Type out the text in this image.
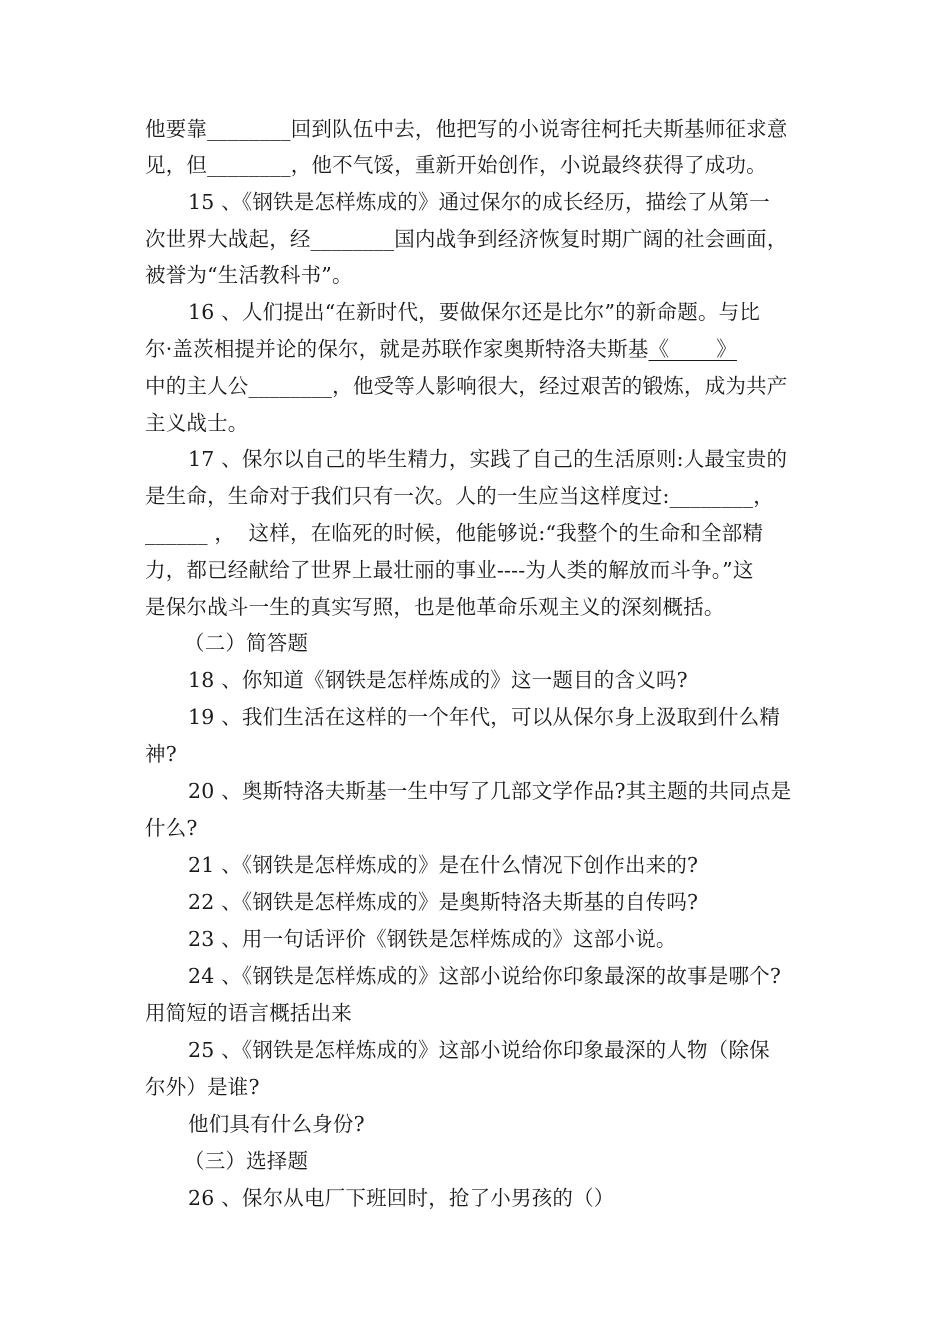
他要靠________回到队伍中去，他把写的小说寄往柯托夫斯基师征求意
见，但________，他不气馁，重新开始创作，小说最终获得了成功。
15 、《钢铁是怎样炼成的》通过保尔的成长经历，描绘了从第一
次世界大战起，经________国内战争到经济恢复时期广阔的社会画面，
被誉为“生活教科书”。
16 、人们提出“在新时代，要做保尔还是比尔”的新命题。与比
尔·盖茨相提并论的保尔，就是苏联作家奥斯特洛夫斯基《       》
中的主人公________，他受等人影响很大，经过艰苦的锻炼，成为共产
主义战士。
17 、保尔以自己的毕生精力，实践了自己的生活原则:人最宝贵的
是生命，生命对于我们只有一次。人的一生应当这样度过:________，
______ ，  这样，在临死的时候，他能够说:“我整个的生命和全部精
力，都已经献给了世界上最壮丽的事业----为人类的解放而斗争。”这
是保尔战斗一生的真实写照，也是他革命乐观主义的深刻概括。
（二）简答题
18 、你知道《钢铁是怎样炼成的》这一题目的含义吗?
19 、我们生活在这样的一个年代，可以从保尔身上汲取到什么精
神?
20 、奥斯特洛夫斯基一生中写了几部文学作品?其主题的共同点是
什么?
21 、《钢铁是怎样炼成的》是在什么情况下创作出来的?
22 、《钢铁是怎样炼成的》是奥斯特洛夫斯基的自传吗?
23 、用一句话评价《钢铁是怎样炼成的》这部小说。
24 、《钢铁是怎样炼成的》这部小说给你印象最深的故事是哪个?
用简短的语言概括出来
25 、《钢铁是怎样炼成的》这部小说给你印象最深的人物（除保
尔外）是谁?
他们具有什么身份?
（三）选择题
26 、保尔从电厂下班回时，抢了小男孩的（）
